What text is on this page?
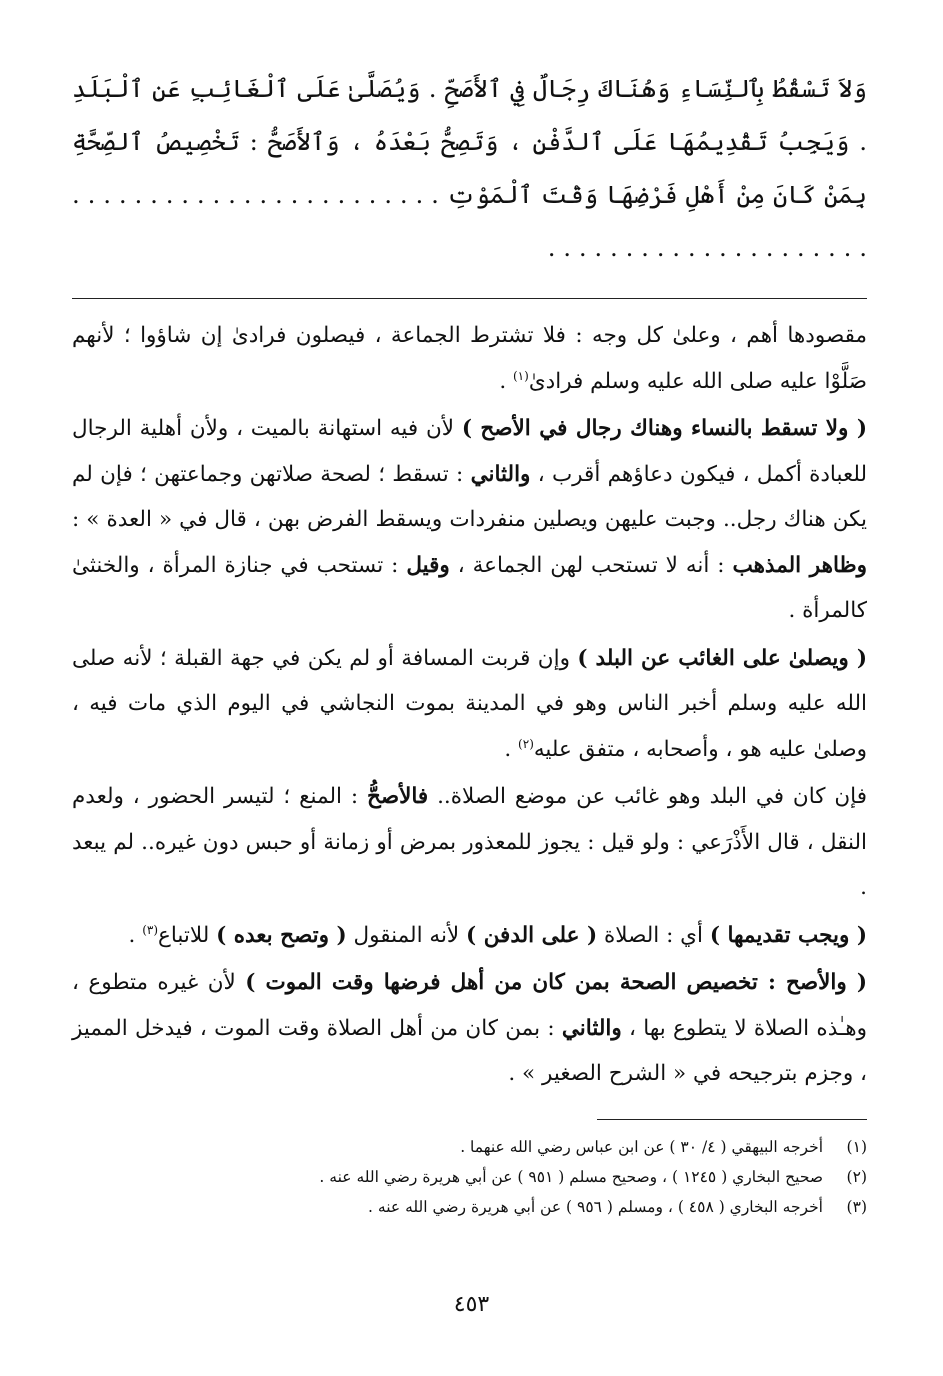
وَلاَ تَسْقُطُ بِٱلنِّسَاءِ وَهُنَاكَ رِجَالٌ فِي ٱلأَصَحِّ . وَيُصَلَّىٰ عَلَى ٱلْغَائِبِ عَنِ ٱلْبَلَدِ . وَيَجِبُ تَقْدِيمُهَا عَلَى ٱلدَّفْنِ ، وَتَصِحُّ بَعْدَهُ ، وَٱلأَصَحُّ : تَخْصِيصُ ٱلصِّحَّةِ بِمَنْ كَانَ مِنْ أَهْلِ فَرْضِهَا وَقْتَ ٱلْمَوْتِ . . . . . . . . . . . . . . . . . . . . . . . . . . . . . . . . . . . . . . . . . . . . .

مقصودها أهم ، وعلىٰ كل وجه : فلا تشترط الجماعة ، فيصلون فرادىٰ إن شاؤوا ؛ لأنهم صَلَّوْا عليه صلى الله عليه وسلم فرادىٰ$^{(١)}$ .

( ولا تسقط بالنساء وهناك رجال في الأصح ) لأن فيه استهانة بالميت ، ولأن أهلية الرجال للعبادة أكمل ، فيكون دعاؤهم أقرب ، والثاني : تسقط ؛ لصحة صلاتهن وجماعتهن ؛ فإن لم يكن هناك رجل.. وجبت عليهن ويصلين منفردات ويسقط الفرض بهن ، قال في « العدة » : وظاهر المذهب : أنه لا تستحب لهن الجماعة ، وقيل : تستحب في جنازة المرأة ، والخنثىٰ كالمرأة .

( ويصلىٰ على الغائب عن البلد ) وإن قربت المسافة أو لم يكن في جهة القبلة ؛ لأنه صلى الله عليه وسلم أخبر الناس وهو في المدينة بموت النجاشي في اليوم الذي مات فيه ، وصلىٰ عليه هو ، وأصحابه ، متفق عليه$^{(٢)}$ .

فإن كان في البلد وهو غائب عن موضع الصلاة.. فالأصحُّ : المنع ؛ لتيسر الحضور ، ولعدم النقل ، قال الأَذْرَعي : ولو قيل : يجوز للمعذور بمرض أو زمانة أو حبس دون غيره.. لم يبعد .

( ويجب تقديمها ) أي : الصلاة ( على الدفن ) لأنه المنقول ( وتصح بعده ) للاتباع$^{(٣)}$ .

( والأصح : تخصيص الصحة بمن كان من أهل فرضها وقت الموت ) لأن غيره متطوع ، وهـٰذه الصلاة لا يتطوع بها ، والثاني : بمن كان من أهل الصلاة وقت الموت ، فيدخل المميز ، وجزم بترجيحه في « الشرح الصغير » .

(١)
أخرجه البيهقي ( ٤/ ٣٠ ) عن ابن عباس رضي الله عنهما .
(٢)
صحيح البخاري ( ١٢٤٥ ) ، وصحيح مسلم ( ٩٥١ ) عن أبي هريرة رضي الله عنه .
(٣)
أخرجه البخاري ( ٤٥٨ ) ، ومسلم ( ٩٥٦ ) عن أبي هريرة رضي الله عنه .
٤٥٣
